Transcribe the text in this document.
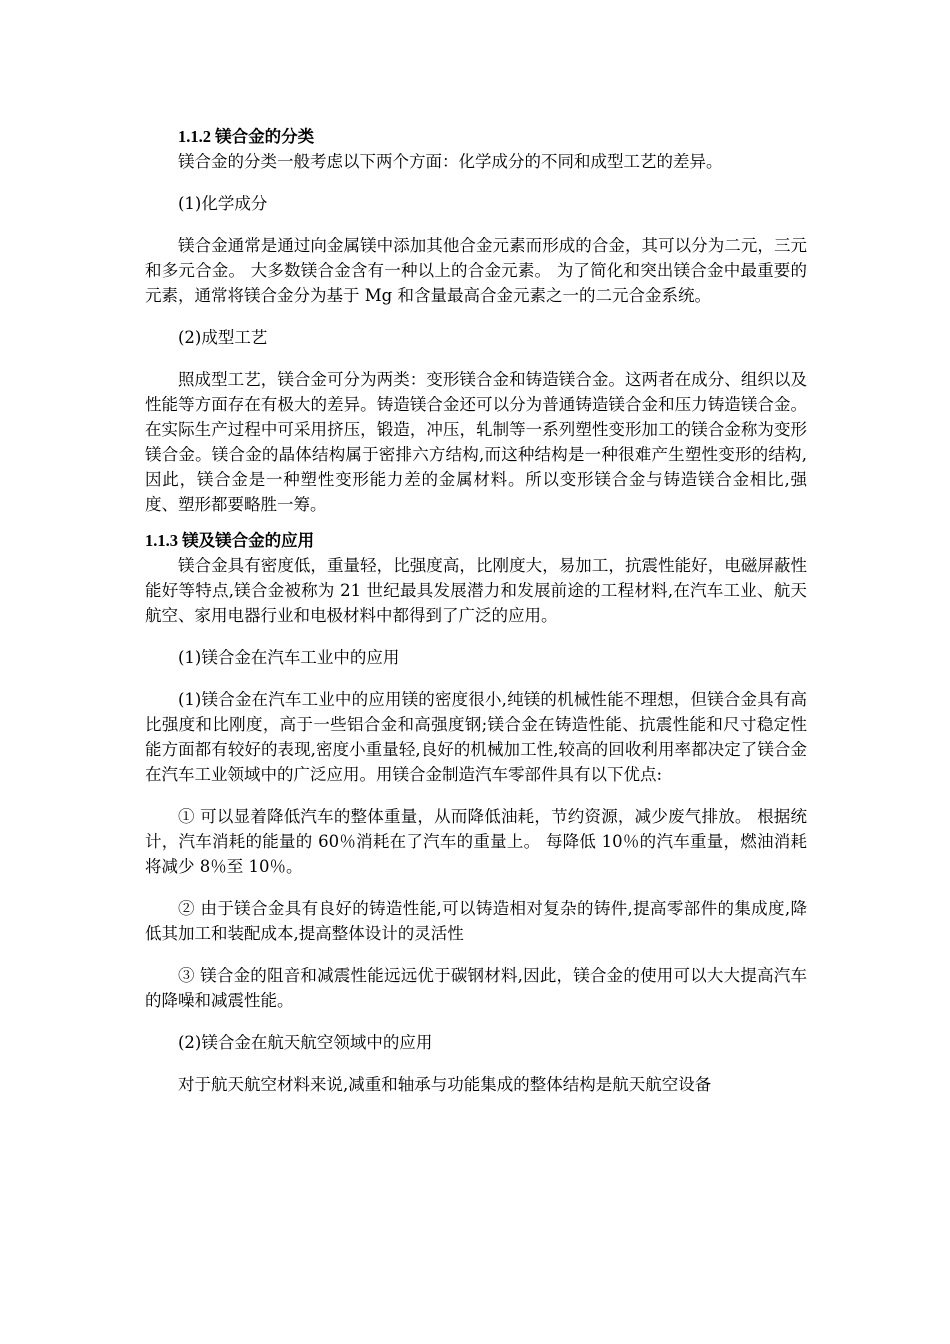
1.1.2 镁合金的分类

镁合金的分类一般考虑以下两个方面：化学成分的不同和成型工艺的差异。

(1)化学成分

镁合金通常是通过向金属镁中添加其他合金元素而形成的合金，其可以分为二元，三元和多元合金。 大多数镁合金含有一种以上的合金元素。 为了简化和突出镁合金中最重要的元素，通常将镁合金分为基于 Mg 和含量最高合金元素之一的二元合金系统。

(2)成型工艺

照成型工艺，镁合金可分为两类：变形镁合金和铸造镁合金。这两者在成分、组织以及性能等方面存在有极大的差异。铸造镁合金还可以分为普通铸造镁合金和压力铸造镁合金。在实际生产过程中可采用挤压，锻造，冲压，轧制等一系列塑性变形加工的镁合金称为变形镁合金。镁合金的晶体结构属于密排六方结构,而这种结构是一种很难产生塑性变形的结构,因此，镁合金是一种塑性变形能力差的金属材料。所以变形镁合金与铸造镁合金相比,强度、塑形都要略胜一筹。

1.1.3 镁及镁合金的应用

镁合金具有密度低，重量轻，比强度高，比刚度大，易加工，抗震性能好，电磁屏蔽性能好等特点,镁合金被称为 21 世纪最具发展潜力和发展前途的工程材料,在汽车工业、航天航空、家用电器行业和电极材料中都得到了广泛的应用。

(1)镁合金在汽车工业中的应用

(1)镁合金在汽车工业中的应用镁的密度很小,纯镁的机械性能不理想，但镁合金具有高比强度和比刚度，高于一些铝合金和高强度钢;镁合金在铸造性能、抗震性能和尺寸稳定性能方面都有较好的表现,密度小重量轻,良好的机械加工性,较高的回收利用率都决定了镁合金在汽车工业领域中的广泛应用。用镁合金制造汽车零部件具有以下优点:

① 可以显着降低汽车的整体重量，从而降低油耗，节约资源，减少废气排放。 根据统计，汽车消耗的能量的 60％消耗在了汽车的重量上。 每降低 10％的汽车重量，燃油消耗将减少 8％至 10％。

② 由于镁合金具有良好的铸造性能,可以铸造相对复杂的铸件,提高零部件的集成度,降低其加工和装配成本,提高整体设计的灵活性

③ 镁合金的阻音和减震性能远远优于碳钢材料,因此，镁合金的使用可以大大提高汽车的降噪和减震性能。

(2)镁合金在航天航空领域中的应用

对于航天航空材料来说,减重和轴承与功能集成的整体结构是航天航空设备
